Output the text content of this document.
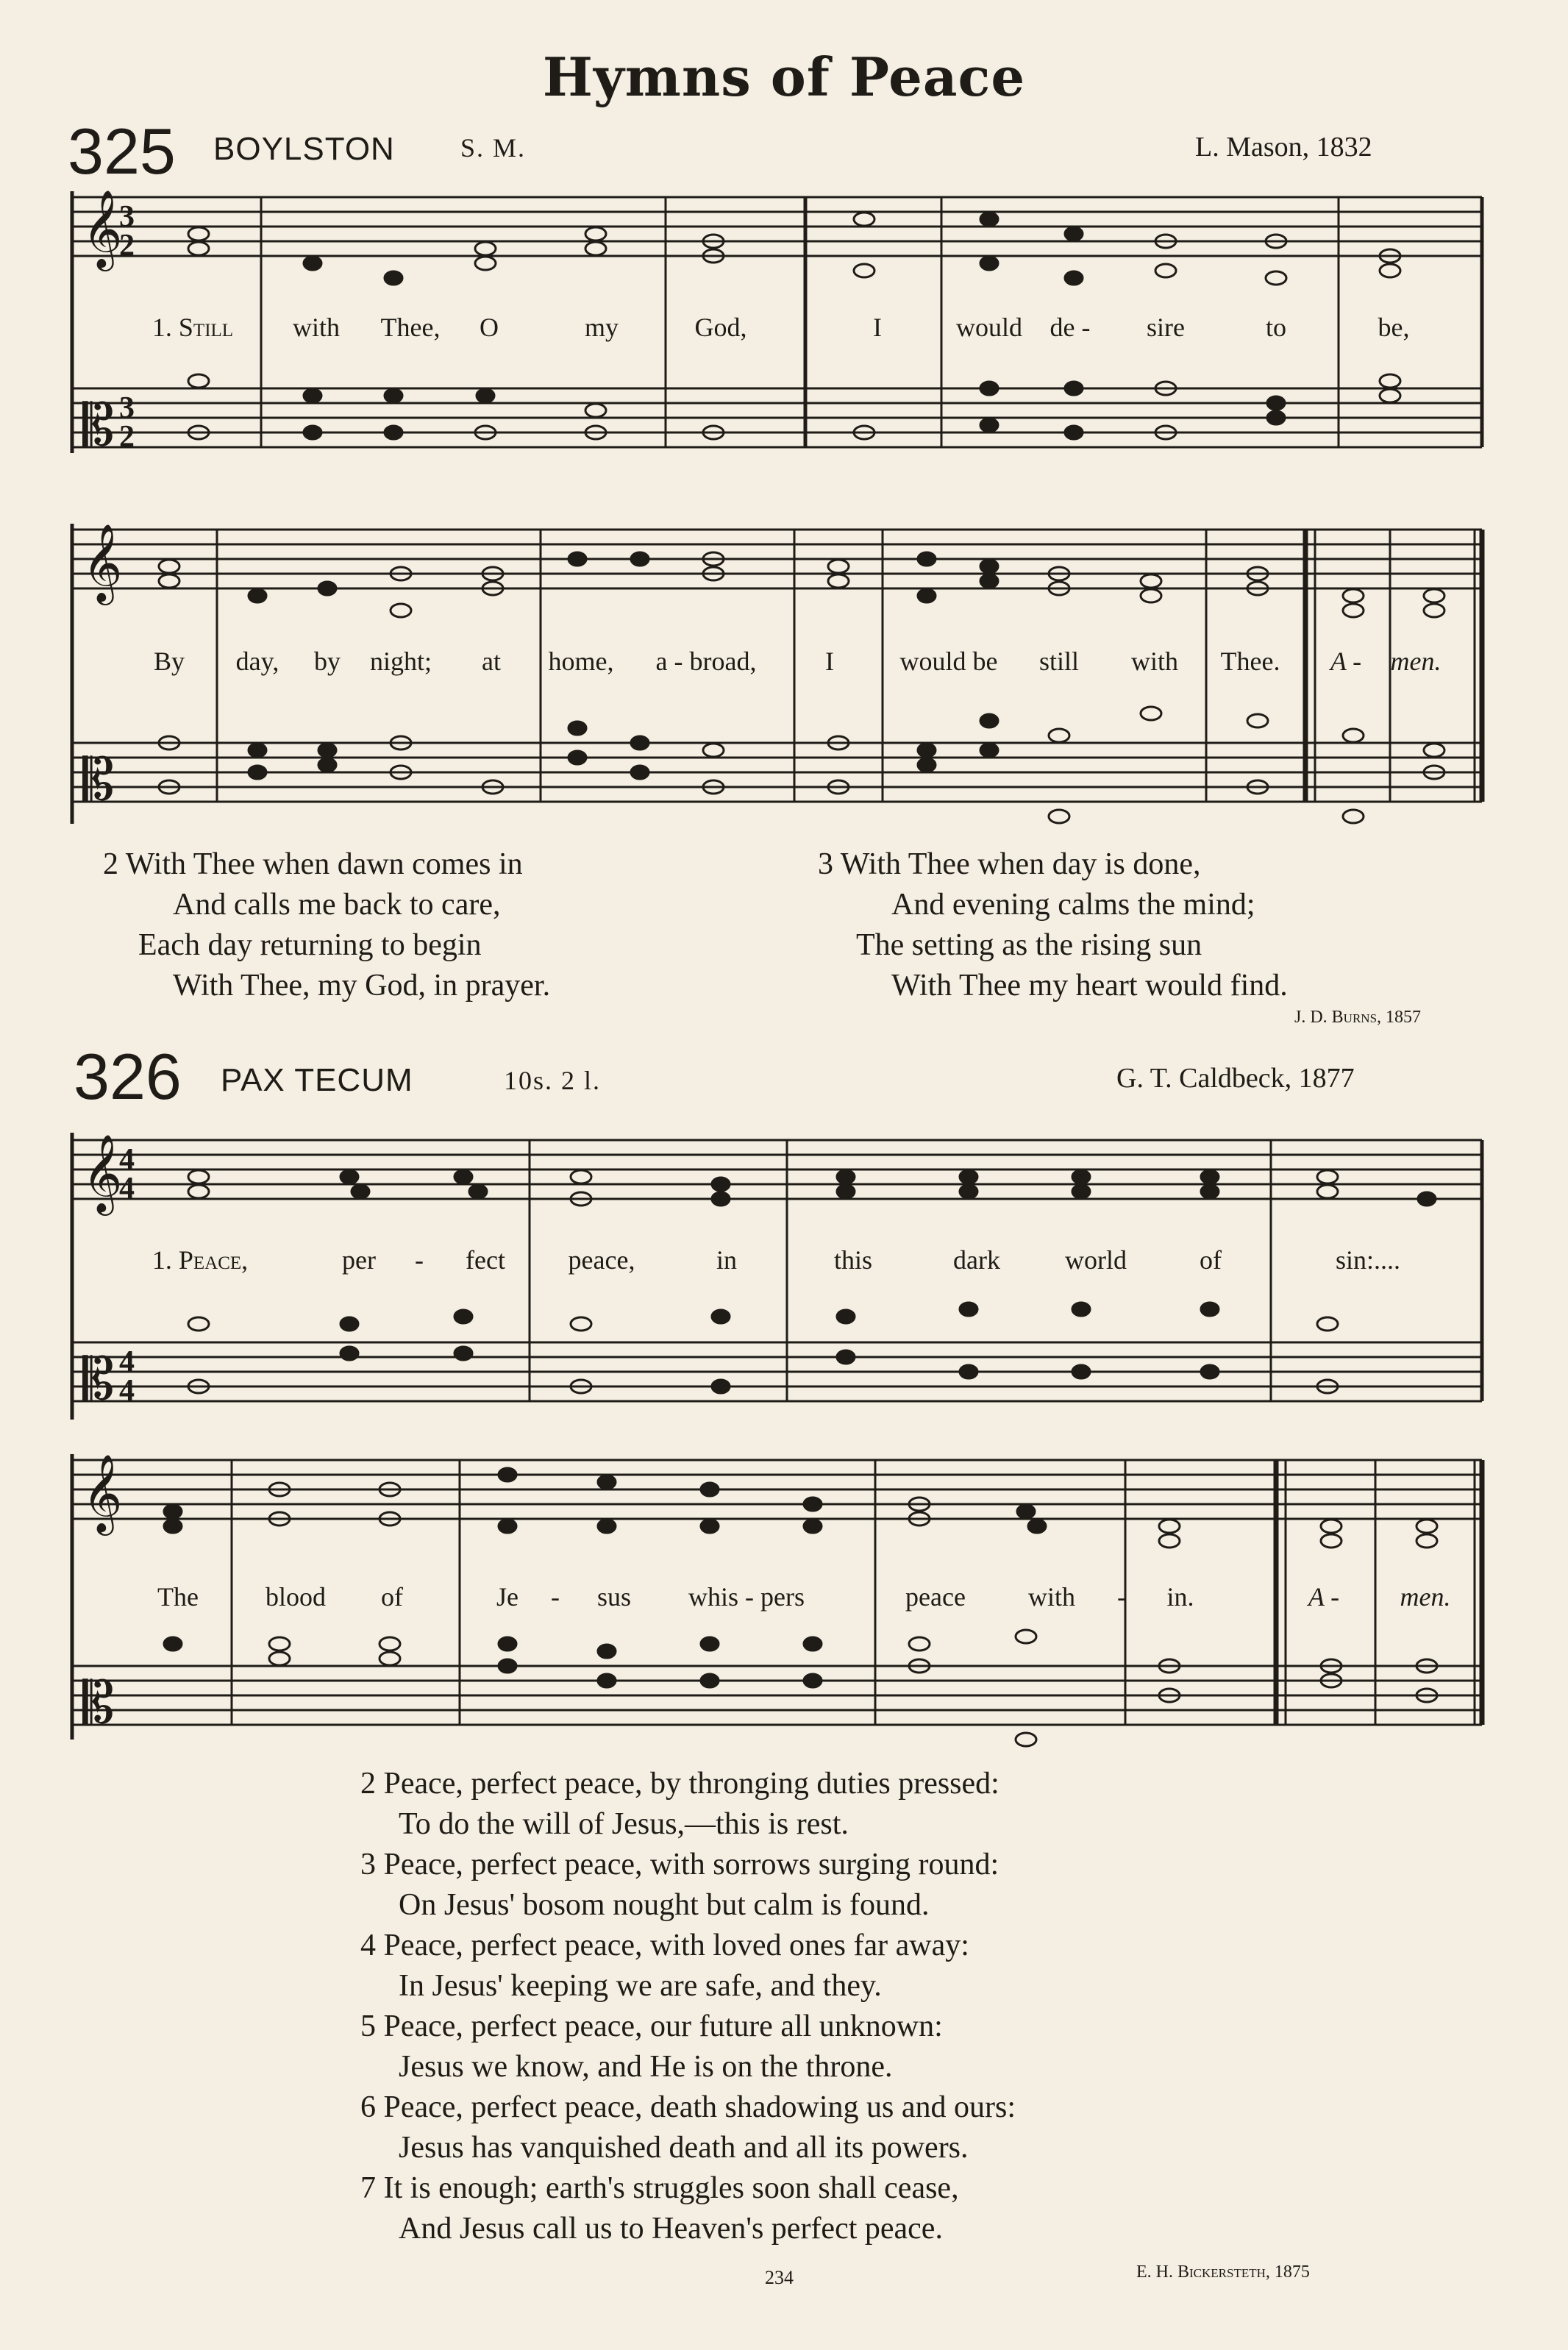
Hymns of Peace
325 BOYLSTON S. M.	L. Mason, 1832
𝄞
𝄡
3
2
3
2
1. Still with Thee, O	my	God,	I	would de - sire	to	be,
𝄞
𝄡
By day, by night; at home, a - broad,	I would be still with Thee. A - men.
2 With Thee when dawn comes in
And calls me back to care,
Each day returning to begin
With Thee, my God, in prayer.
3 With Thee when day is done,
And evening calms the mind;
The setting as the rising sun
With Thee my heart would find.
J. D. Burns, 1857
326 PAX TECUM	10s. 2 l.	G. T. Caldbeck, 1877
𝄞
𝄡
4
4
4
4
1. Peace,	per - fect peace,	in	this	dark world	of	sin:....
𝄞
𝄡
The	blood of	Je - sus whis - pers	peace with - in.	A - men.
2 Peace, perfect peace, by thronging duties pressed:
To do the will of Jesus,—this is rest.
3 Peace, perfect peace, with sorrows surging round:
On Jesus' bosom nought but calm is found.
4 Peace, perfect peace, with loved ones far away:
In Jesus' keeping we are safe, and they.
5 Peace, perfect peace, our future all unknown:
Jesus we know, and He is on the throne.
6 Peace, perfect peace, death shadowing us and ours:
Jesus has vanquished death and all its powers.
7 It is enough; earth's struggles soon shall cease,
And Jesus call us to Heaven's perfect peace.
234	E. H. Bickersteth, 1875
